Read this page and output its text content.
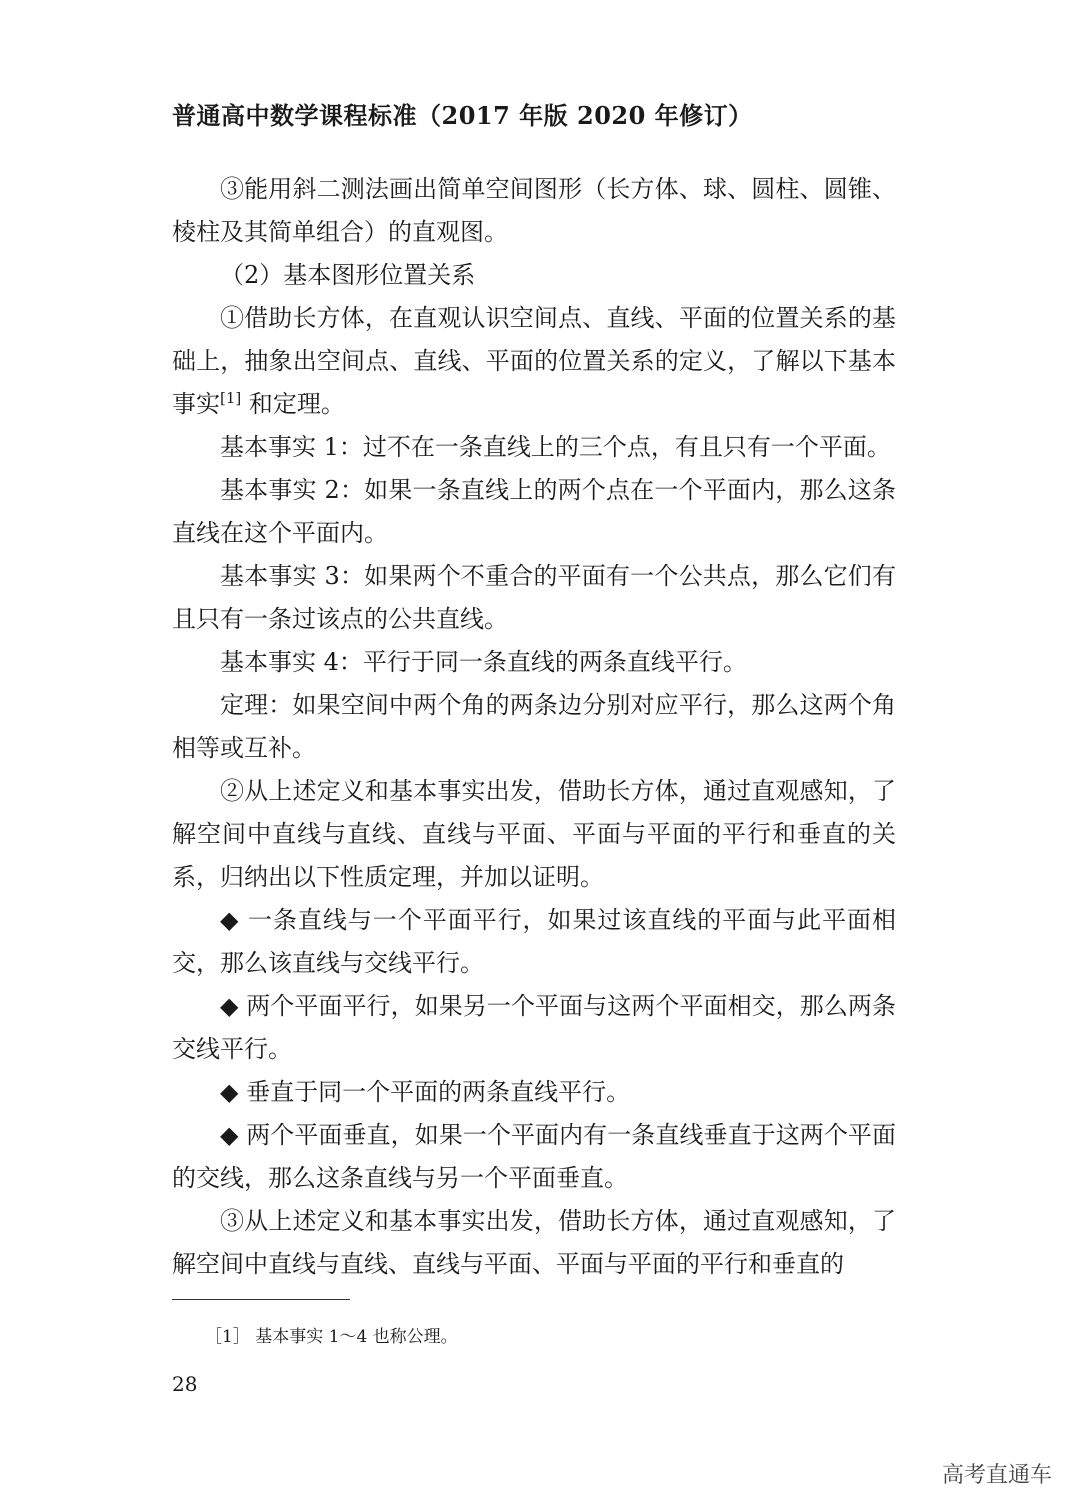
普通高中数学课程标准（2017 年版 2020 年修订）

③能用斜二测法画出简单空间图形（长方体、球、圆柱、圆锥、棱柱及其简单组合）的直观图。

（2）基本图形位置关系

①借助长方体，在直观认识空间点、直线、平面的位置关系的基础上，抽象出空间点、直线、平面的位置关系的定义，了解以下基本事实[1] 和定理。

基本事实 1：过不在一条直线上的三个点，有且只有一个平面。

基本事实 2：如果一条直线上的两个点在一个平面内，那么这条直线在这个平面内。

基本事实 3：如果两个不重合的平面有一个公共点，那么它们有且只有一条过该点的公共直线。

基本事实 4：平行于同一条直线的两条直线平行。

定理：如果空间中两个角的两条边分别对应平行，那么这两个角相等或互补。

②从上述定义和基本事实出发，借助长方体，通过直观感知，了解空间中直线与直线、直线与平面、平面与平面的平行和垂直的关系，归纳出以下性质定理，并加以证明。

◆ 一条直线与一个平面平行，如果过该直线的平面与此平面相交，那么该直线与交线平行。

◆ 两个平面平行，如果另一个平面与这两个平面相交，那么两条交线平行。

◆ 垂直于同一个平面的两条直线平行。

◆ 两个平面垂直，如果一个平面内有一条直线垂直于这两个平面的交线，那么这条直线与另一个平面垂直。

③从上述定义和基本事实出发，借助长方体，通过直观感知，了解空间中直线与直线、直线与平面、平面与平面的平行和垂直的

［1］ 基本事实 1～4 也称公理。
28
高考直通车
